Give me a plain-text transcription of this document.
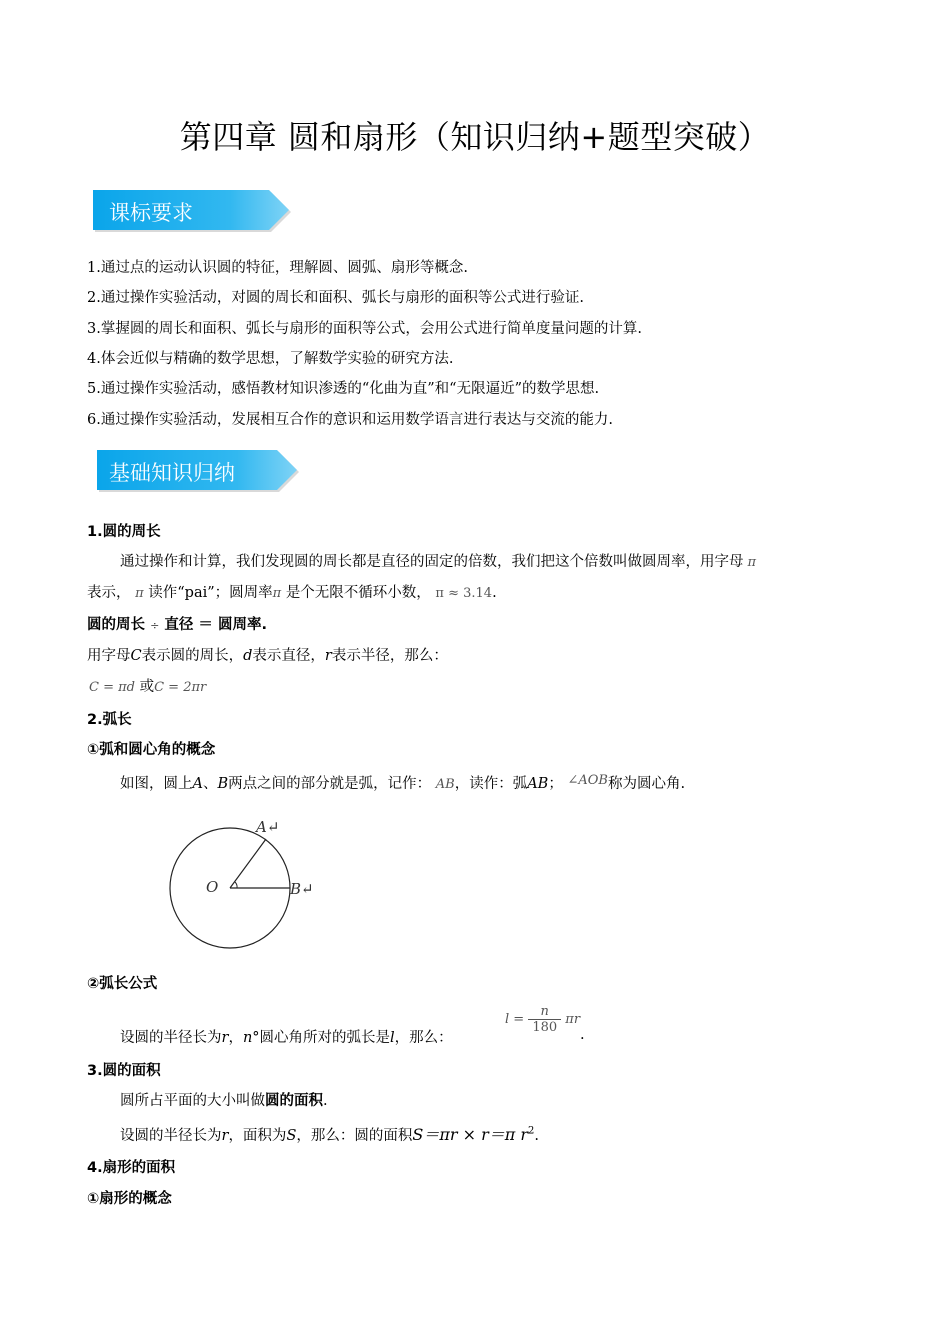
第四章 圆和扇形（知识归纳+题型突破）
课标要求
1.通过点的运动认识圆的特征，理解圆、圆弧、扇形等概念.
2.通过操作实验活动，对圆的周长和面积、弧长与扇形的面积等公式进行验证.
3.掌握圆的周长和面积、弧长与扇形的面积等公式，会用公式进行简单度量问题的计算.
4.体会近似与精确的数学思想，了解数学实验的研究方法.
5.通过操作实验活动，感悟教材知识渗透的“化曲为直”和“无限逼近”的数学思想.
6.通过操作实验活动，发展相互合作的意识和运用数学语言进行表达与交流的能力.
基础知识归纳
1.圆的周长
通过操作和计算，我们发现圆的周长都是直径的固定的倍数，我们把这个倍数叫做圆周率，用字母 π
表示， π 读作“pai”；圆周率π 是个无限不循环小数， π ≈ 3.14.
圆的周长 ÷ 直径 ＝ 圆周率.
用字母C表示圆的周长，d表示直径，r表示半径，那么：
C = πd 或C = 2πr
2.弧长
①弧和圆心角的概念
如图，圆上A、B两点之间的部分就是弧，记作： AB，读作：弧AB； ∠AOB称为圆心角.
A↵
O	B↵
②弧长公式
设圆的半径长为r，n°圆心角所对的弧长是l，那么：
$l = \frac{n}{180}$ πr
.
3.圆的面积
圆所占平面的大小叫做圆的面积.
设圆的半径长为r，面积为S，那么：圆的面积S＝πr × r＝π $r^2$.
4.扇形的面积
①扇形的概念
